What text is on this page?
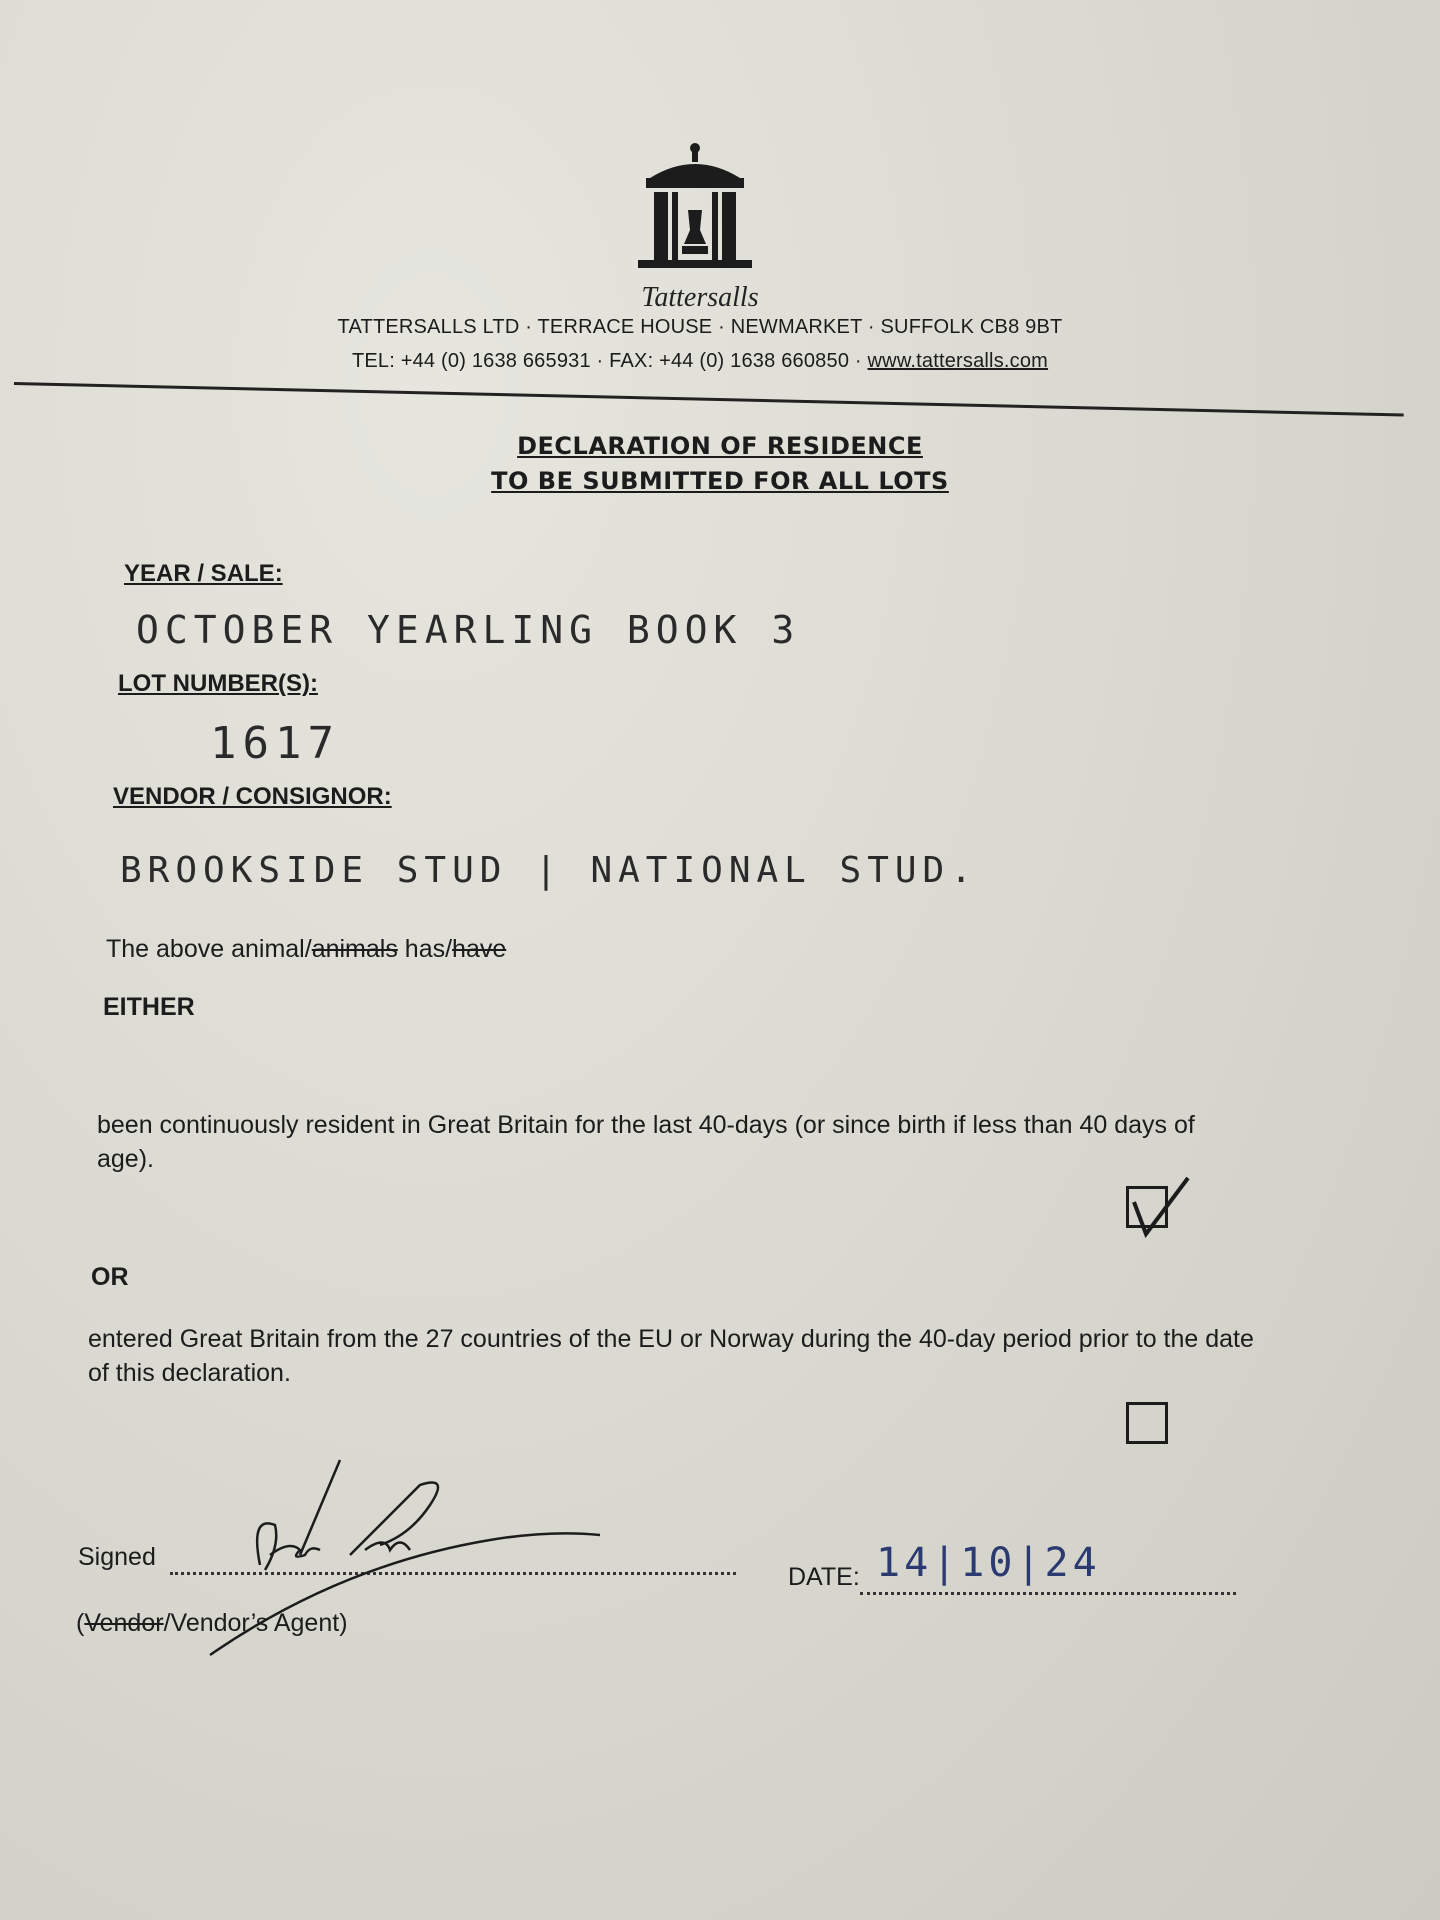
Tattersalls
TATTERSALLS LTD · TERRACE HOUSE · NEWMARKET · SUFFOLK CB8 9BT
TEL: +44 (0) 1638 665931 · FAX: +44 (0) 1638 660850 · www.tattersalls.com
DECLARATION OF RESIDENCE
TO BE SUBMITTED FOR ALL LOTS
YEAR / SALE:
OCTOBER YEARLING BOOK 3
LOT NUMBER(S):
1617
VENDOR / CONSIGNOR:
BROOKSIDE STUD | NATIONAL STUD.
The above animal/animals has/have
EITHER
been continuously resident in Great Britain for the last 40-days (or since birth if less than 40 days of age).
OR
entered Great Britain from the 27 countries of the EU or Norway during the 40-day period prior to the date of this declaration.
Signed
(Vendor/Vendor’s Agent)
DATE: 14|10|24
